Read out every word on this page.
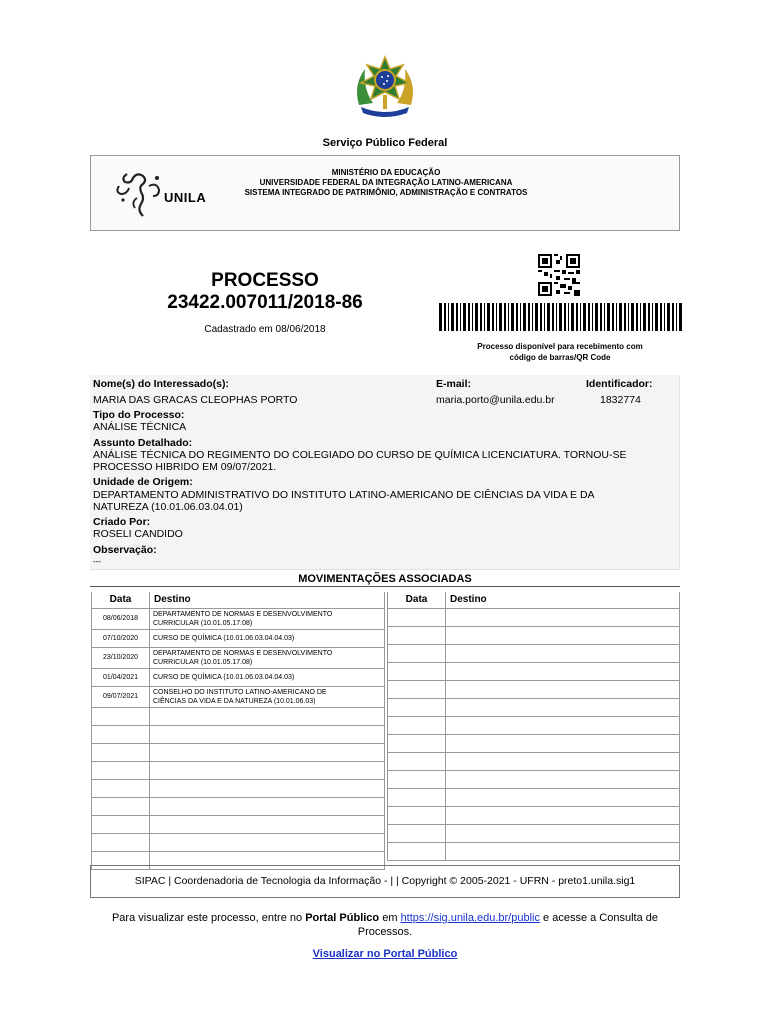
Serviço Público Federal
UNILA
MINISTÉRIO DA EDUCAÇÃO
UNIVERSIDADE FEDERAL DA INTEGRAÇÃO LATINO-AMERICANA
SISTEMA INTEGRADO DE PATRIMÔNIO, ADMINISTRAÇÃO E CONTRATOS
Processo disponível para recebimento com
código de barras/QR Code
PROCESSO
23422.007011/2018-86
Cadastrado em 08/06/2018
Nome(s) do Interessado(s):
MARIA DAS GRACAS CLEOPHAS PORTO
E-mail:
maria.porto@unila.edu.br
Identificador:
1832774
Tipo do Processo:
ANÁLISE TÉCNICA
Assunto Detalhado:
ANÁLISE TÉCNICA DO REGIMENTO DO COLEGIADO DO CURSO DE QUÍMICA LICENCIATURA. TORNOU-SE
PROCESSO HIBRIDO EM 09/07/2021.
Unidade de Origem:
DEPARTAMENTO ADMINISTRATIVO DO INSTITUTO LATINO-AMERICANO DE CIÊNCIAS DA VIDA E DA
NATUREZA (10.01.06.03.04.01)
Criado Por:
ROSELI CANDIDO
Observação:
---
MOVIMENTAÇÕES ASSOCIADAS
Data	Destino
08/06/2018	DEPARTAMENTO DE NORMAS E DESENVOLVIMENTO
CURRICULAR (10.01.05.17.08)

07/10/2020	CURSO DE QUÍMICA (10.01.06.03.04.04.03)

23/10/2020	DEPARTAMENTO DE NORMAS E DESENVOLVIMENTO
CURRICULAR (10.01.05.17.08)

01/04/2021	CURSO DE QUÍMICA (10.01.06.03.04.04.03)

09/07/2021	CONSELHO DO INSTITUTO LATINO-AMERICANO DE
CIÊNCIAS DA VIDA E DA NATUREZA (10.01.06.03)

Data	Destino

SIPAC | Coordenadoria de Tecnologia da Informação - | | Copyright © 2005-2021 - UFRN - preto1.unila.sig1
Para visualizar este processo, entre no Portal Público em https://sig.unila.edu.br/public e acesse a Consulta de Processos.
Visualizar no Portal Público
